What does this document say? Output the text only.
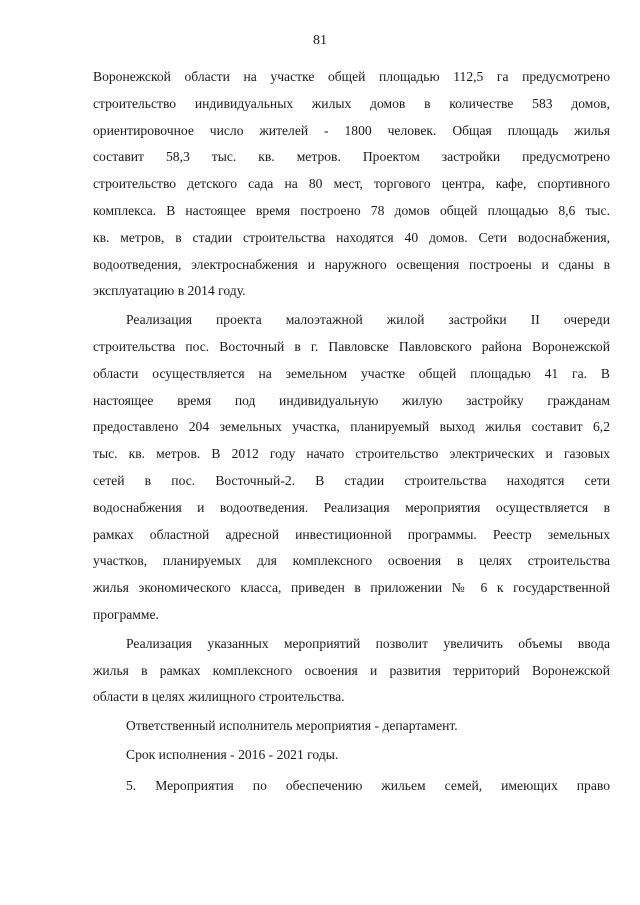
81

Воронежской области на участке общей площадью 112,5 га предусмотрено
строительство индивидуальных жилых домов в количестве 583 домов,
ориентировочное число жителей - 1800 человек. Общая площадь жилья
составит 58,3 тыс. кв. метров. Проектом застройки предусмотрено
строительство детского сада на 80 мест, торгового центра, кафе, спортивного
комплекса. В настоящее время построено 78 домов общей площадью 8,6 тыс.
кв. метров, в стадии строительства находятся 40 домов. Сети водоснабжения,
водоотведения, электроснабжения и наружного освещения построены и сданы в
эксплуатацию в 2014 году.

Реализация проекта малоэтажной жилой застройки II очереди
строительства пос. Восточный в г. Павловске Павловского района Воронежской
области осуществляется на земельном участке общей площадью 41 га. В
настоящее время под индивидуальную жилую застройку гражданам
предоставлено 204 земельных участка, планируемый выход жилья составит 6,2
тыс. кв. метров. В 2012 году начато строительство электрических и газовых
сетей в пос. Восточный-2. В стадии строительства находятся сети
водоснабжения и водоотведения. Реализация мероприятия осуществляется в
рамках областной адресной инвестиционной программы. Реестр земельных
участков, планируемых для комплексного освоения в целях строительства
жилья экономического класса, приведен в приложении № 6 к государственной
программе.

Реализация указанных мероприятий позволит увеличить объемы ввода
жилья в рамках комплексного освоения и развития территорий Воронежской
области в целях жилищного строительства.

Ответственный исполнитель мероприятия - департамент.

Срок исполнения - 2016 - 2021 годы.

5. Мероприятия по обеспечению жильем семей, имеющих право
